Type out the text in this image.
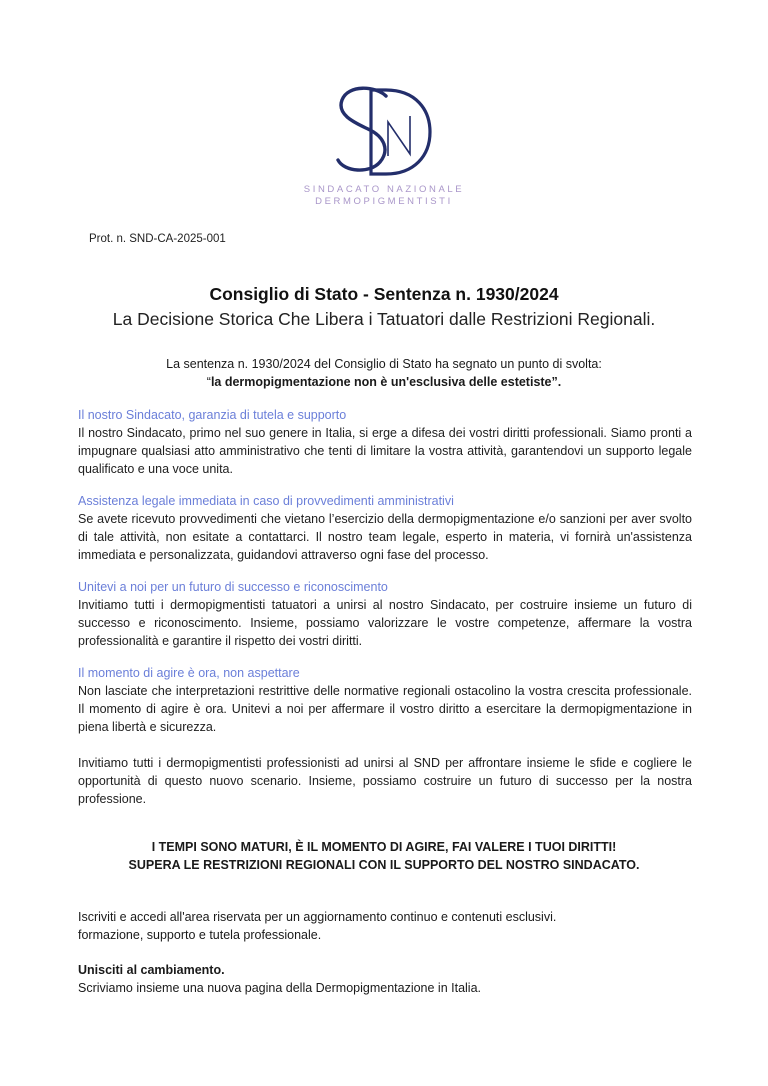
SINDACATO NAZIONALE
DERMOPIGMENTISTI
Prot. n. SND-CA-2025-001
Consiglio di Stato - Sentenza n. 1930/2024
La Decisione Storica Che Libera i Tatuatori dalle Restrizioni Regionali.
La sentenza n. 1930/2024 del Consiglio di Stato ha segnato un punto di svolta:
“la dermopigmentazione non è un'esclusiva delle estetiste”.
Il nostro Sindacato, garanzia di tutela e supporto
Il nostro Sindacato, primo nel suo genere in Italia, si erge a difesa dei vostri diritti professionali. Siamo pronti a impugnare qualsiasi atto amministrativo che tenti di limitare la vostra attività, garantendovi un supporto legale qualificato e una voce unita.
Assistenza legale immediata in caso di provvedimenti amministrativi
Se avete ricevuto provvedimenti che vietano l’esercizio della dermopigmentazione e/o sanzioni per aver svolto di tale attività, non esitate a contattarci. Il nostro team legale, esperto in materia, vi fornirà un'assistenza immediata e personalizzata, guidandovi attraverso ogni fase del processo.
Unitevi a noi per un futuro di successo e riconoscimento
Invitiamo tutti i dermopigmentisti tatuatori a unirsi al nostro Sindacato, per costruire insieme un futuro di successo e riconoscimento. Insieme, possiamo valorizzare le vostre competenze, affermare la vostra professionalità e garantire il rispetto dei vostri diritti.
Il momento di agire è ora, non aspettare
Non lasciate che interpretazioni restrittive delle normative regionali ostacolino la vostra crescita professionale. Il momento di agire è ora. Unitevi a noi per affermare il vostro diritto a esercitare la dermopigmentazione in piena libertà e sicurezza.
Invitiamo tutti i dermopigmentisti professionisti ad unirsi al SND per affrontare insieme le sfide e cogliere le opportunità di questo nuovo scenario. Insieme, possiamo costruire un futuro di successo per la nostra professione.
I TEMPI SONO MATURI, È IL MOMENTO DI AGIRE, FAI VALERE I TUOI DIRITTI!
SUPERA LE RESTRIZIONI REGIONALI CON IL SUPPORTO DEL NOSTRO SINDACATO.
Iscriviti e accedi all'area riservata per un aggiornamento continuo e contenuti esclusivi.
formazione, supporto e tutela professionale.
Unisciti al cambiamento.
Scriviamo insieme una nuova pagina della Dermopigmentazione in Italia.
